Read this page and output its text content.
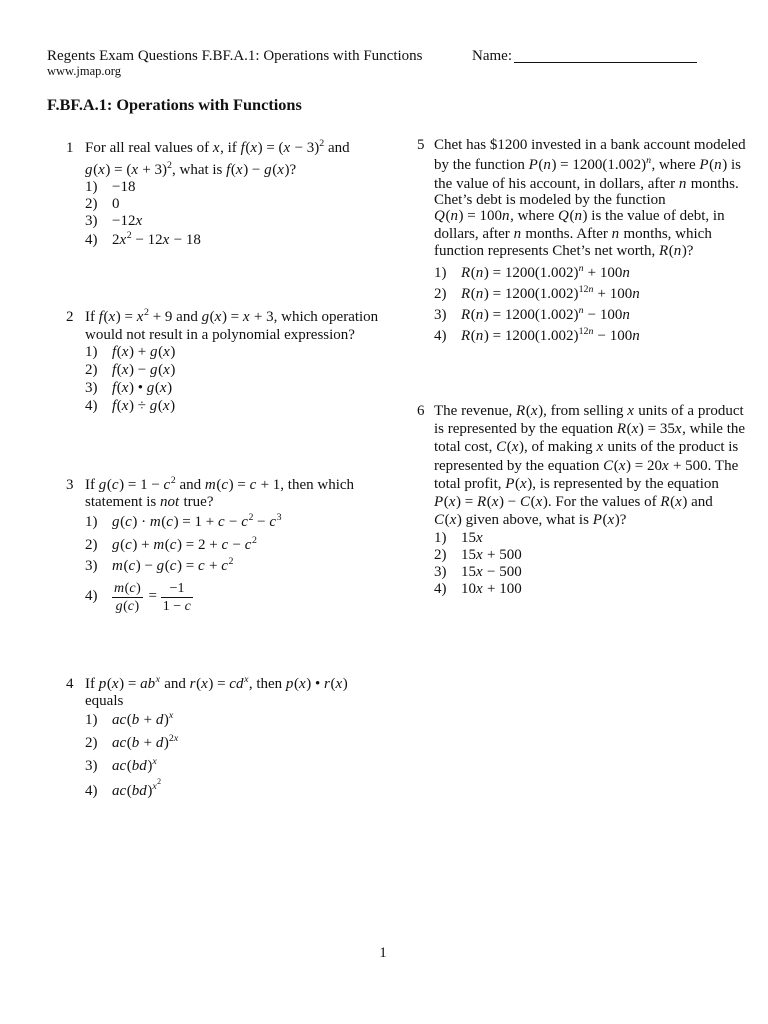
Regents Exam Questions F.BF.A.1: Operations with Functions	Name:
www.jmap.org
F.BF.A.1: Operations with Functions
1 For all real values of x, if $f(x) = (x - 3)^2$ and
$g(x) = (x + 3)^2$, what is f(x) − g(x)?
1) −18
2) 0
3) −12x
4) $2x^2 - 12x - 18$
2 If $f(x) = x^2 + 9$ and g(x) = x + 3, which operation
would not result in a polynomial expression?
1) f(x) + g(x)
2) f(x) − g(x)
3) f(x) • g(x)
4) f(x) ÷ g(x)
3 If $g(c) = 1 - c^2$ and m(c) = c + 1, then which
statement is not true?
1) $g(c) \cdot m(c) = 1 + c - c^2 - c^3$
2) $g(c) + m(c) = 2 + c - c^2$
3) $m(c) - g(c) = c + c^2$
$4) \frac{m(c)}{g(c)} = \frac{-1}{1 - c}$
4 If $p(x) = ab^x$ and $r(x) = cd^x$, then p(x) • r(x)
equals
1) $ac(b + d)^x$
2) $ac(b + d)^{2x}$
3) ac(bd)$^x$
4) ac(bd)$^{x^2}$
5 Chet has $1200 invested in a bank account modeled
by the function $P(n) = 1200(1.002)^n$, where P(n) is
the value of his account, in dollars, after n months.
Chet’s debt is modeled by the function
Q(n) = 100n, where Q(n) is the value of debt, in
dollars, after n months. After n months, which
function represents Chet’s net worth, R(n)?
1) $R(n) = 1200(1.002)^n + 100n$
2) $R(n) = 1200(1.002)^{12n} + 100n$
3) $R(n) = 1200(1.002)^n - 100n$
4) $R(n) = 1200(1.002)^{12n} - 100n$
6 The revenue, R(x), from selling x units of a product
is represented by the equation R(x) = 35x, while the
total cost, C(x), of making x units of the product is
represented by the equation C(x) = 20x + 500. The
total profit, P(x), is represented by the equation
P(x) = R(x) − C(x). For the values of R(x) and
C(x) given above, what is P(x)?
1) 15x
2) 15x + 500
3) 15x − 500
4) 10x + 100
1
